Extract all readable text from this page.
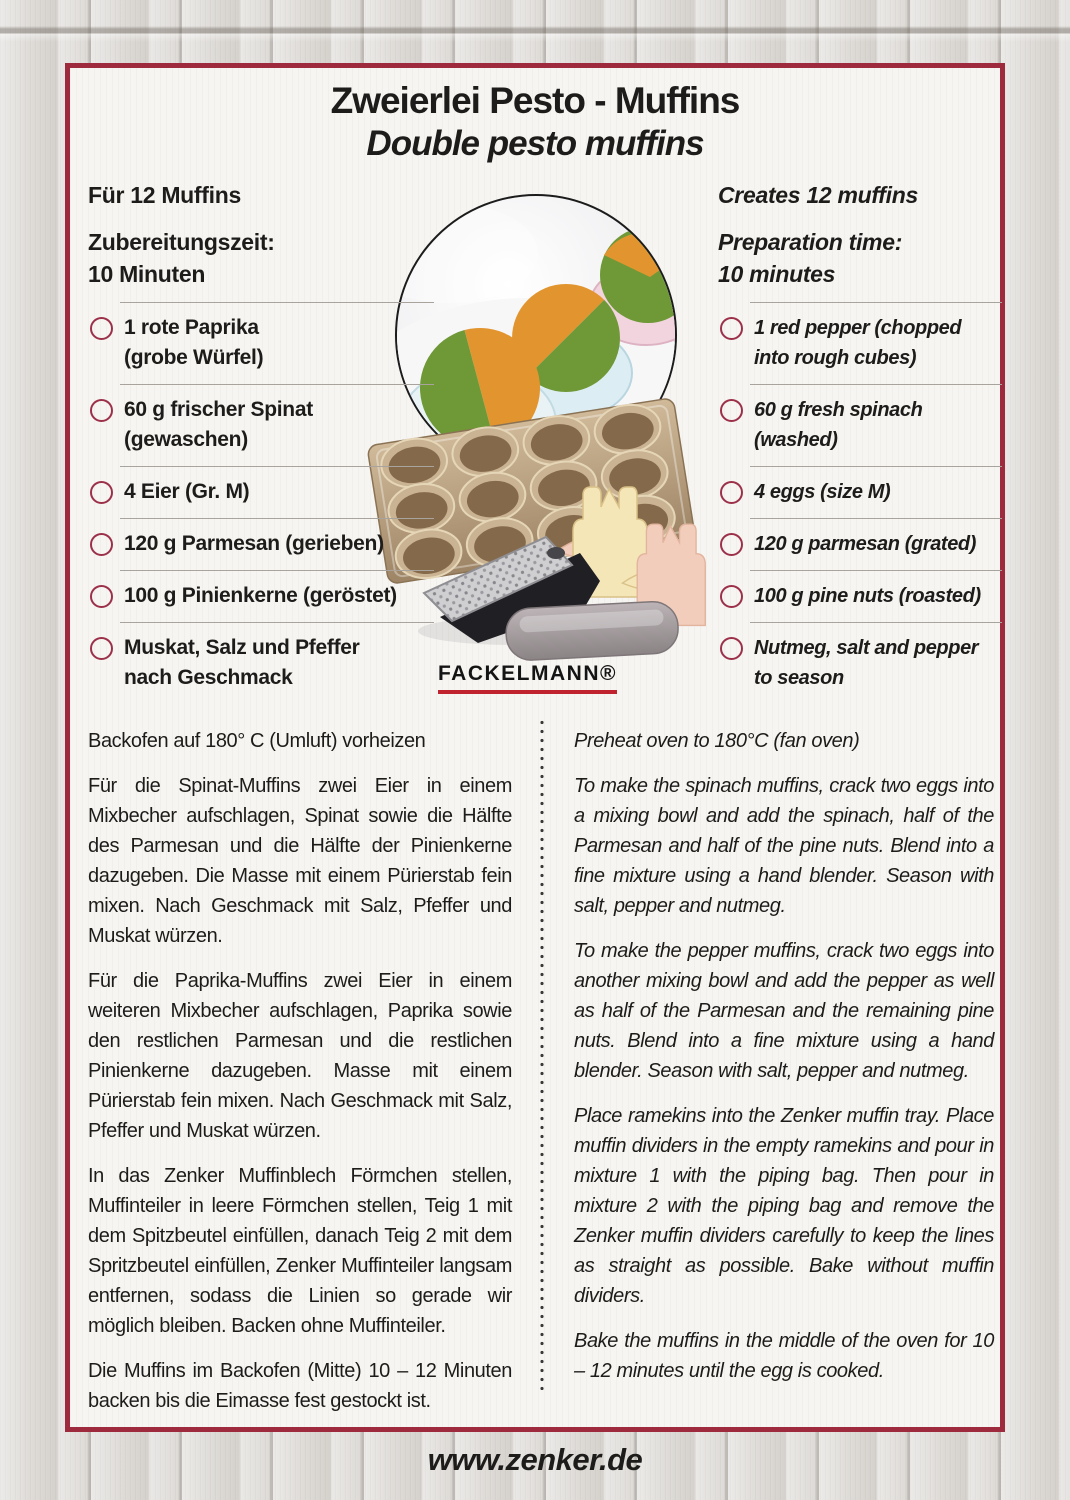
Zweierlei Pesto - Muffins
Double pesto muffins
Für 12 Muffins
Zubereitungszeit:
10 Minuten
1 rote Paprika
(grobe Würfel)
60 g frischer Spinat
(gewaschen)
4 Eier (Gr. M)
120 g Parmesan (gerieben)
100 g Pinienkerne (geröstet)
Muskat, Salz und Pfeffer
nach Geschmack
Creates 12 muffins
Preparation time:
10 minutes
1 red pepper (chopped
into rough cubes)
60 g fresh spinach
(washed)
4 eggs (size M)
120 g parmesan (grated)
100 g pine nuts (roasted)
Nutmeg, salt and pepper
to season
FACKELMANN®

Backofen auf 180° C (Umluft) vorheizen

Für die Spinat-Muffins zwei Eier in einem Mixbecher aufschlagen, Spinat sowie die Hälfte des Parmesan und die Hälfte der Pinienkerne dazugeben. Die Masse mit einem Pürierstab fein mixen. Nach Geschmack mit Salz, Pfeffer und Muskat würzen.

Für die Paprika-Muffins zwei Eier in einem weiteren Mixbecher aufschlagen, Paprika sowie den restlichen Parmesan und die restlichen Pinienkerne dazugeben. Masse mit einem Pürierstab fein mixen. Nach Geschmack mit Salz, Pfeffer und Muskat würzen.

In das Zenker Muffinblech Förmchen stellen, Muffinteiler in leere Förmchen stellen, Teig 1 mit dem Spitzbeutel einfüllen, danach Teig 2 mit dem Spritzbeutel einfüllen, Zenker Muffinteiler langsam entfernen, sodass die Linien so gerade wir möglich bleiben. Backen ohne Muffinteiler.

Die Muffins im Backofen (Mitte) 10 – 12 Minuten backen bis die Eimasse fest gestockt ist.

Preheat oven to 180°C (fan oven)

To make the spinach muffins, crack two eggs into a mixing bowl and add the spinach, half of the Parmesan and half of the pine nuts. Blend into a fine mixture using a hand blender. Season with salt, pepper and nutmeg.

To make the pepper muffins, crack two eggs into another mixing bowl and add the pepper as well as half of the Parmesan and the remaining pine nuts. Blend into a fine mixture using a hand blender. Season with salt, pepper and nutmeg.

Place ramekins into the Zenker muffin tray. Place muffin dividers in the empty ramekins and pour in mixture 1 with the piping bag. Then pour in mixture 2 with the piping bag and remove the Zenker muffin dividers carefully to keep the lines as straight as possible. Bake without muffin dividers.

Bake the muffins in the middle of the oven for 10 – 12 minutes until the egg is cooked.

www.zenker.de
